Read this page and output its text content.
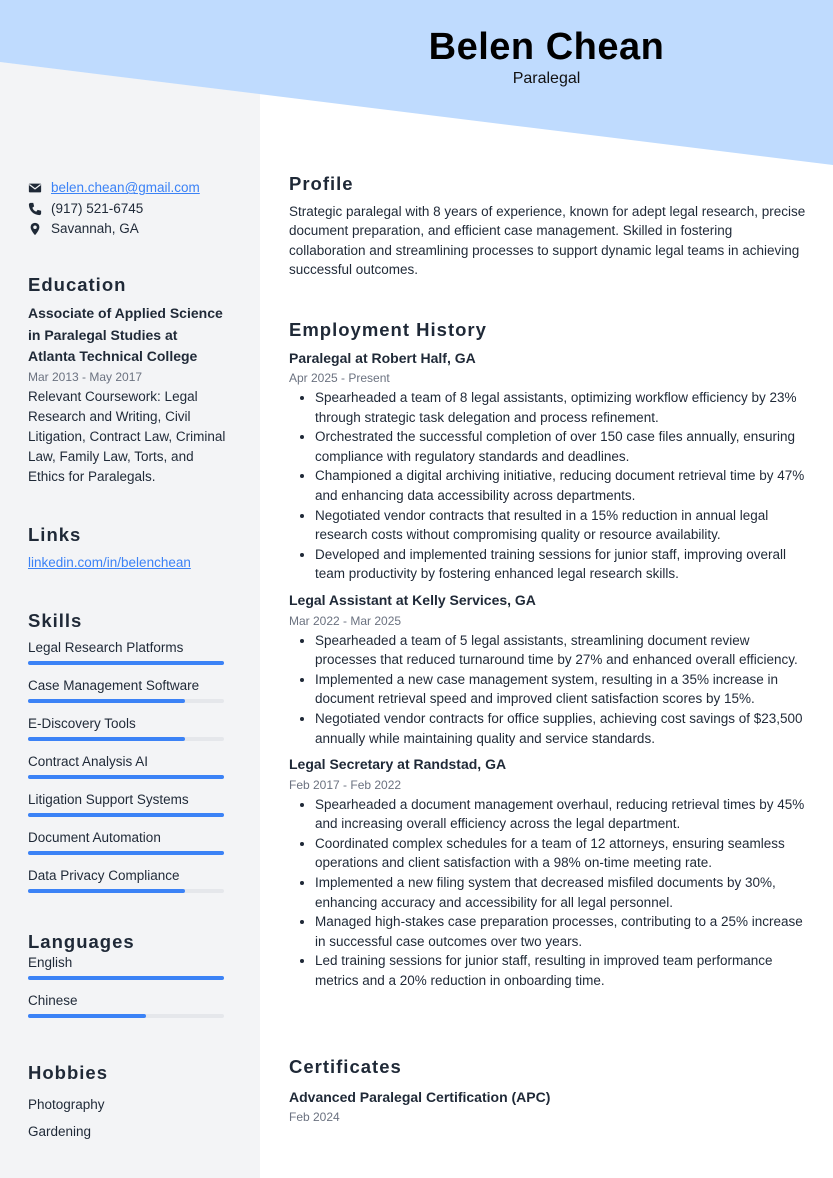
Belen Chean
Paralegal
belen.chean@gmail.com
(917) 521-6745
Savannah, GA
Education
Associate of Applied Science in Paralegal Studies at Atlanta Technical College
Mar 2013 - May 2017
Relevant Coursework: Legal Research and Writing, Civil Litigation, Contract Law, Criminal Law, Family Law, Torts, and Ethics for Paralegals.
Links
linkedin.com/in/belenchean
Skills
Legal Research Platforms
Case Management Software
E-Discovery Tools
Contract Analysis AI
Litigation Support Systems
Document Automation
Data Privacy Compliance
Languages
English
Chinese
Hobbies
Photography
Gardening
Profile
Strategic paralegal with 8 years of experience, known for adept legal research, precise document preparation, and efficient case management. Skilled in fostering collaboration and streamlining processes to support dynamic legal teams in achieving successful outcomes.
Employment History
Paralegal at Robert Half, GA
Apr 2025 - Present
• Spearheaded a team of 8 legal assistants, optimizing workflow efficiency by 23% through strategic task delegation and process refinement.
• Orchestrated the successful completion of over 150 case files annually, ensuring compliance with regulatory standards and deadlines.
• Championed a digital archiving initiative, reducing document retrieval time by 47% and enhancing data accessibility across departments.
• Negotiated vendor contracts that resulted in a 15% reduction in annual legal research costs without compromising quality or resource availability.
• Developed and implemented training sessions for junior staff, improving overall team productivity by fostering enhanced legal research skills.
Legal Assistant at Kelly Services, GA
Mar 2022 - Mar 2025
• Spearheaded a team of 5 legal assistants, streamlining document review processes that reduced turnaround time by 27% and enhanced overall efficiency.
• Implemented a new case management system, resulting in a 35% increase in document retrieval speed and improved client satisfaction scores by 15%.
• Negotiated vendor contracts for office supplies, achieving cost savings of $23,500 annually while maintaining quality and service standards.
Legal Secretary at Randstad, GA
Feb 2017 - Feb 2022
• Spearheaded a document management overhaul, reducing retrieval times by 45% and increasing overall efficiency across the legal department.
• Coordinated complex schedules for a team of 12 attorneys, ensuring seamless operations and client satisfaction with a 98% on-time meeting rate.
• Implemented a new filing system that decreased misfiled documents by 30%, enhancing accuracy and accessibility for all legal personnel.
• Managed high-stakes case preparation processes, contributing to a 25% increase in successful case outcomes over two years.
• Led training sessions for junior staff, resulting in improved team performance metrics and a 20% reduction in onboarding time.
Certificates
Advanced Paralegal Certification (APC)
Feb 2024
